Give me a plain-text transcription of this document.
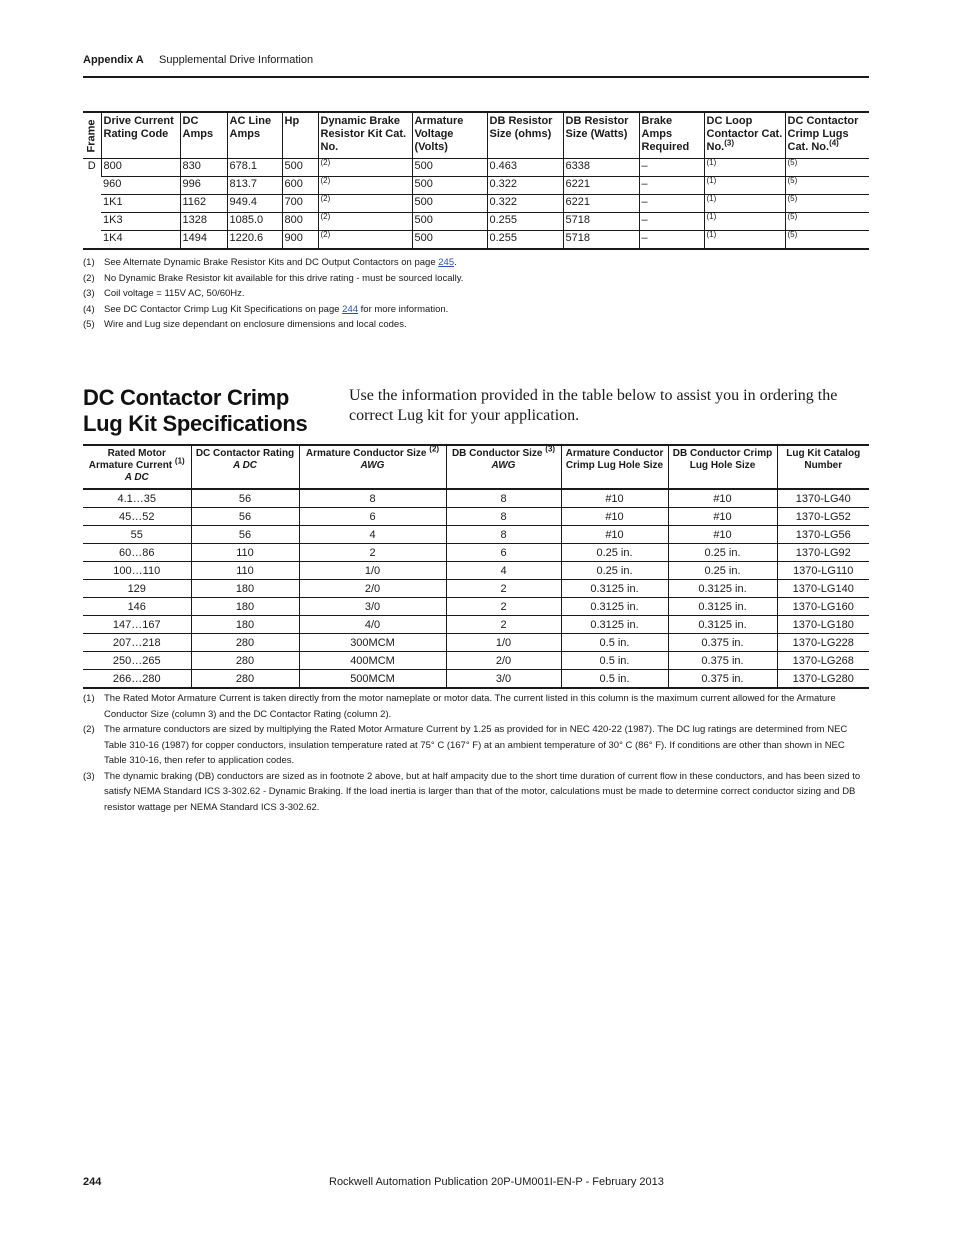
Appendix A Supplemental Drive Information
Frame	Drive Current Rating Code	DC Amps	AC Line Amps	Hp	Dynamic Brake Resistor Kit Cat. No.	Armature Voltage (Volts)	DB Resistor Size (ohms)	DB Resistor Size (Watts)	Brake Amps Required	DC Loop Contactor Cat. No.$^{(3)}$	DC Contactor Crimp Lugs Cat. No.$^{(4)}$
D	800	830	678.1	500	$^{(2)}$	500	0.463	6338	–	$^{(1)}$	$^{(5)}$
	960	996	813.7	600	$^{(2)}$	500	0.322	6221	–	$^{(1)}$	$^{(5)}$
	1K1	1162	949.4	700	$^{(2)}$	500	0.322	6221	–	$^{(1)}$	$^{(5)}$
	1K3	1328	1085.0	800	$^{(2)}$	500	0.255	5718	–	$^{(1)}$	$^{(5)}$
	1K4	1494	1220.6	900	$^{(2)}$	500	0.255	5718	–	$^{(1)}$	$^{(5)}$
(1) See Alternate Dynamic Brake Resistor Kits and DC Output Contactors on page 245.
(2) No Dynamic Brake Resistor kit available for this drive rating - must be sourced locally.
(3) Coil voltage = 115V AC, 50/60Hz.
(4) See DC Contactor Crimp Lug Kit Specifications on page 244 for more information.
(5) Wire and Lug size dependant on enclosure dimensions and local codes.
DC Contactor Crimp Lug Kit Specifications
Use the information provided in the table below to assist you in ordering the correct Lug kit for your application.
Rated Motor Armature Current $^{(1)}$
A DC	DC Contactor Rating
A DC	Armature Conductor Size $^{(2)}$
AWG	DB Conductor Size $^{(3)}$
AWG	Armature Conductor Crimp Lug Hole Size	DB Conductor Crimp Lug Hole Size	Lug Kit Catalog Number
4.1…35	56	8	8	#10	#10	1370-LG40
45…52	56	6	8	#10	#10	1370-LG52
55	56	4	8	#10	#10	1370-LG56
60…86	110	2	6	0.25 in.	0.25 in.	1370-LG92
100…110	110	1/0	4	0.25 in.	0.25 in.	1370-LG110
129	180	2/0	2	0.3125 in.	0.3125 in.	1370-LG140
146	180	3/0	2	0.3125 in.	0.3125 in.	1370-LG160
147…167	180	4/0	2	0.3125 in.	0.3125 in.	1370-LG180
207…218	280	300MCM	1/0	0.5 in.	0.375 in.	1370-LG228
250…265	280	400MCM	2/0	0.5 in.	0.375 in.	1370-LG268
266…280	280	500MCM	3/0	0.5 in.	0.375 in.	1370-LG280
(1) The Rated Motor Armature Current is taken directly from the motor nameplate or motor data. The current listed in this column is the maximum current allowed for the Armature Conductor Size (column 3) and the DC Contactor Rating (column 2).
(2) The armature conductors are sized by multiplying the Rated Motor Armature Current by 1.25 as provided for in NEC 420-22 (1987). The DC lug ratings are determined from NEC Table 310-16 (1987) for copper conductors, insulation temperature rated at 75° C (167° F) at an ambient temperature of 30° C (86° F). If conditions are other than shown in NEC Table 310-16, then refer to application codes.
(3) The dynamic braking (DB) conductors are sized as in footnote 2 above, but at half ampacity due to the short time duration of current flow in these conductors, and has been sized to satisfy NEMA Standard ICS 3-302.62 - Dynamic Braking. If the load inertia is larger than that of the motor, calculations must be made to determine correct conductor sizing and DB resistor wattage per NEMA Standard ICS 3-302.62.
244	Rockwell Automation Publication 20P-UM001I-EN-P - February 2013
